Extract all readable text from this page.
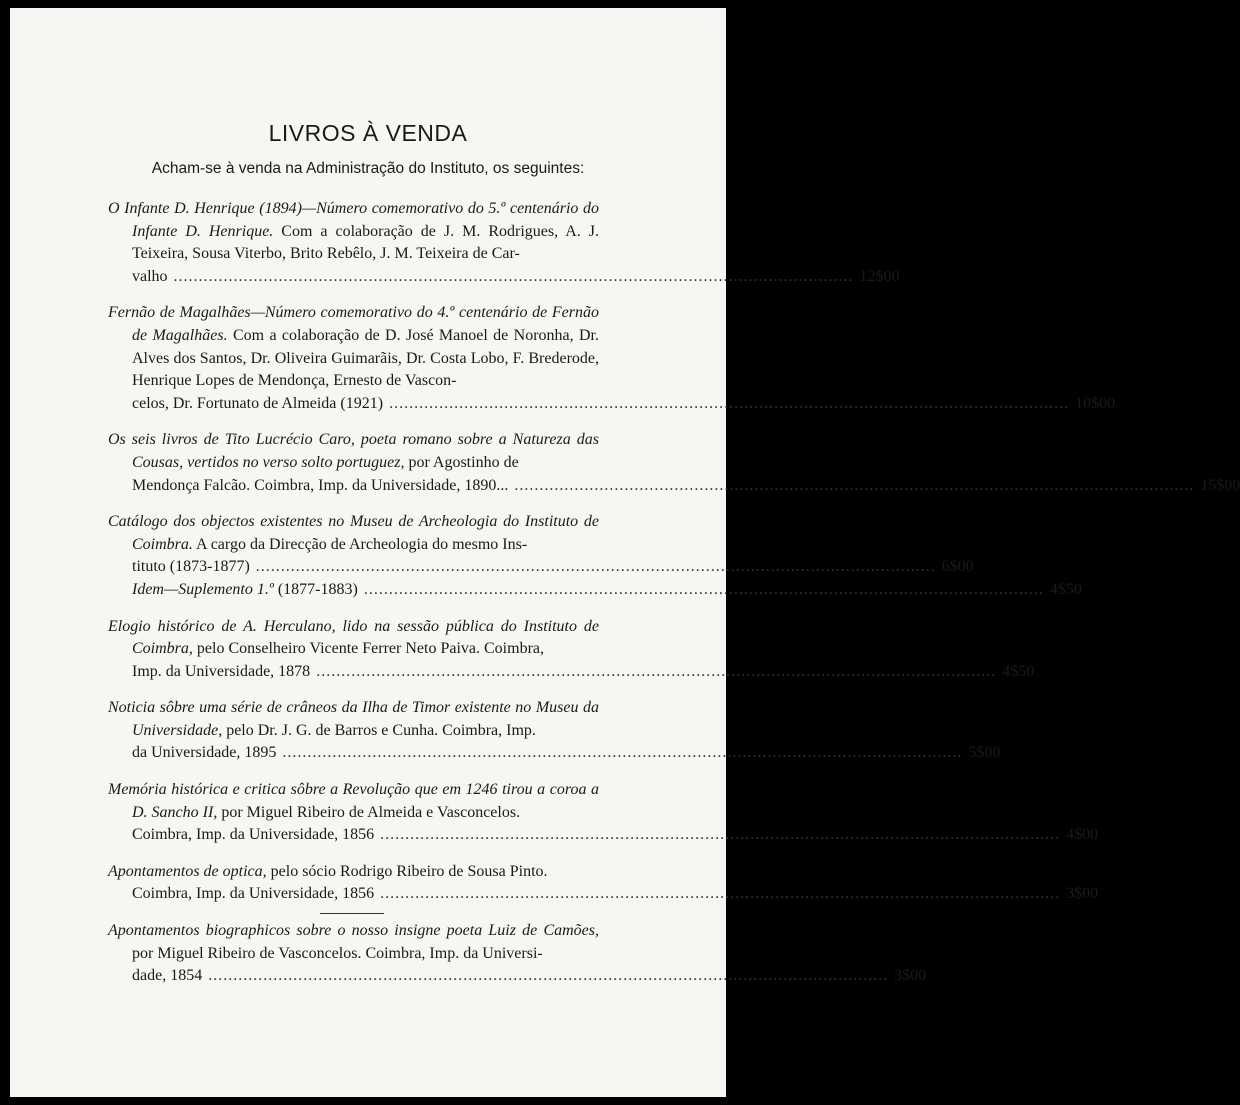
LIVROS À VENDA
Acham-se à venda na Administração do Instituto, os seguintes:
O Infante D. Henrique (1894)—Número comemorativo do 5.º centenário do Infante D. Henrique. Com a colaboração de J. M. Rodrigues, A. J. Teixeira, Sousa Viterbo, Brito Rebêlo, J. M. Teixeira de Car-
valho ........................................................................................................................................ 12$00
Fernão de Magalhães—Número comemorativo do 4.º centenário de Fernão de Magalhães. Com a colaboração de D. José Manoel de Noronha, Dr. Alves dos Santos, Dr. Oliveira Guimarãis, Dr. Costa Lobo, F. Brederode, Henrique Lopes de Mendonça, Ernesto de Vascon-
celos, Dr. Fortunato de Almeida (1921) ........................................................................................................................................ 10$00
Os seis livros de Tito Lucrécio Caro, poeta romano sobre a Natureza das Cousas, vertidos no verso solto portuguez, por Agostinho de
Mendonça Falcão. Coimbra, Imp. da Universidade, 1890... ........................................................................................................................................ 15$00
Catálogo dos objectos existentes no Museu de Archeologia do Instituto de Coimbra. A cargo da Direcção de Archeologia do mesmo Ins-
tituto (1873-1877) ........................................................................................................................................ 6$00
Idem—Suplemento 1.º (1877-1883) ........................................................................................................................................ 4$50
Elogio histórico de A. Herculano, lido na sessão pública do Instituto de Coimbra, pelo Conselheiro Vicente Ferrer Neto Paiva. Coimbra,
Imp. da Universidade, 1878 ........................................................................................................................................ 4$50
Noticia sôbre uma série de crâneos da Ilha de Timor existente no Museu da Universidade, pelo Dr. J. G. de Barros e Cunha. Coimbra, Imp.
da Universidade, 1895 ........................................................................................................................................ 5$00
Memória histórica e critica sôbre a Revolução que em 1246 tirou a coroa a D. Sancho II, por Miguel Ribeiro de Almeida e Vasconcelos.
Coimbra, Imp. da Universidade, 1856 ........................................................................................................................................ 4$00
Apontamentos de optica, pelo sócio Rodrigo Ribeiro de Sousa Pinto.
Coimbra, Imp. da Universidade, 1856 ........................................................................................................................................ 3$00
Apontamentos biographicos sobre o nosso insigne poeta Luiz de Camões, por Miguel Ribeiro de Vasconcelos. Coimbra, Imp. da Universi-
dade, 1854 ........................................................................................................................................ 3$00
